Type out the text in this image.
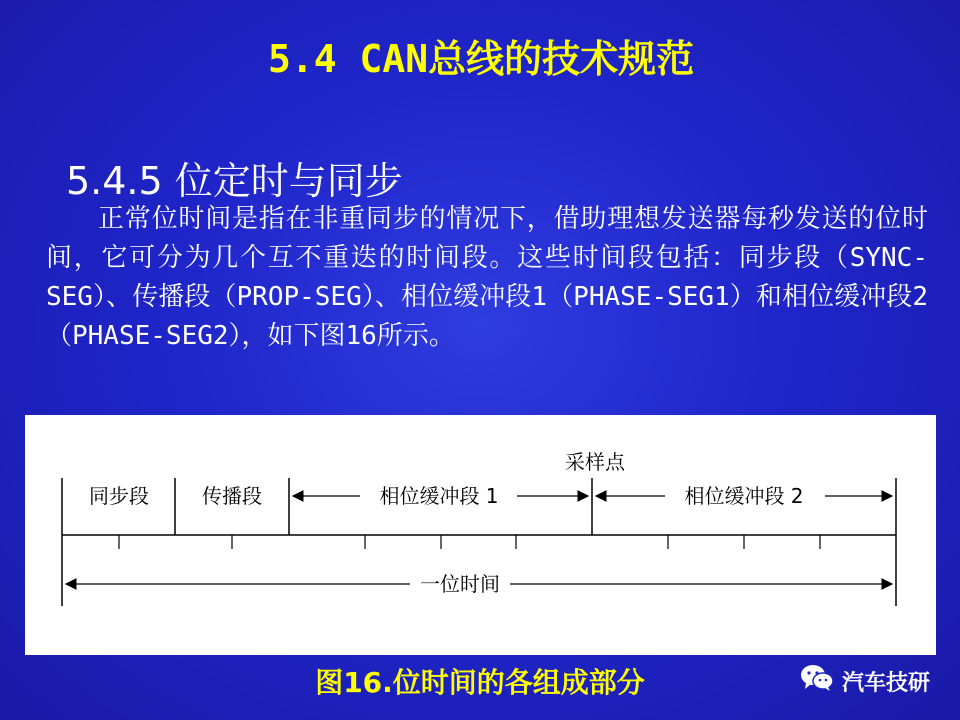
5.4 CAN总线的技术规范
5.4.5 位定时与同步

正常位时间是指在非重同步的情况下，借助理想发送器每秒发送的位时间，它可分为几个互不重迭的时间段。这些时间段包括：同步段（SYNC-SEG）、传播段（PROP-SEG）、相位缓冲段1（PHASE-SEG1）和相位缓冲段2（PHASE-SEG2），如下图16所示。

同步段	传播段	相位缓冲段 1	相位缓冲段 2
采样点
一位时间
图16.位时间的各组成部分	汽车技研
